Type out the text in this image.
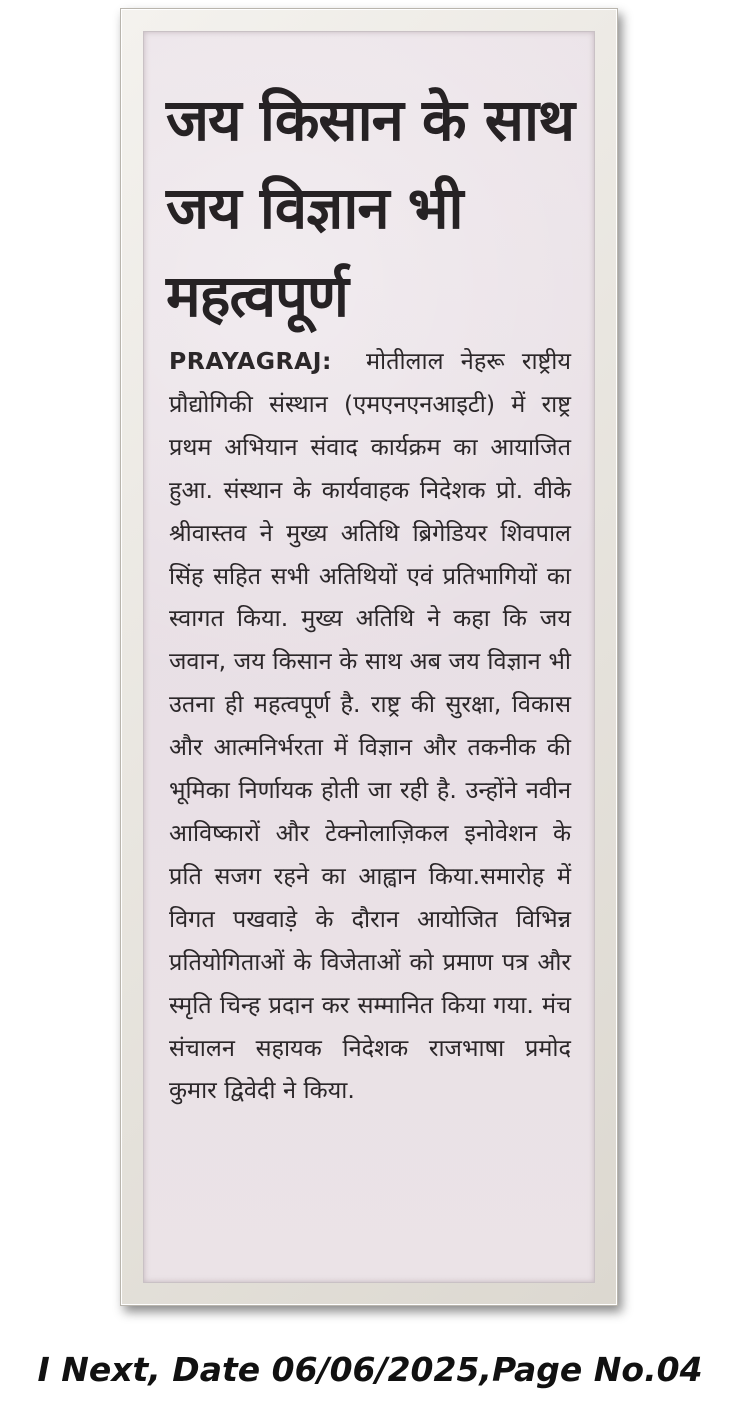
जय किसान के साथ जय विज्ञान भी महत्वपूर्ण

PRAYAGRAJ: मोतीलाल नेहरू राष्ट्रीय प्रौद्योगिकी संस्थान (एमएनएनआइटी) में राष्ट्र प्रथम अभियान संवाद कार्यक्रम का आयाजित हुआ. संस्थान के कार्यवाहक निदेशक प्रो. वीके श्रीवास्तव ने मुख्य अतिथि ब्रिगेडियर शिवपाल सिंह सहित सभी अतिथियों एवं प्रतिभागियों का स्वागत किया. मुख्य अतिथि ने कहा कि जय जवान, जय किसान के साथ अब जय विज्ञान भी उतना ही महत्वपूर्ण है. राष्ट्र की सुरक्षा, विकास और आत्मनिर्भरता में विज्ञान और तकनीक की भूमिका निर्णायक होती जा रही है. उन्होंने नवीन आविष्कारों और टेक्नोलाज़िकल इनोवेशन के प्रति सजग रहने का आह्वान किया.समारोह में विगत पखवाड़े के दौरान आयोजित विभिन्न प्रतियोगिताओं के विजेताओं को प्रमाण पत्र और स्मृति चिन्ह प्रदान कर सम्मानित किया गया. मंच संचालन सहायक निदेशक राजभाषा प्रमोद कुमार द्विवेदी ने किया.

I Next, Date 06/06/2025,Page No.04
